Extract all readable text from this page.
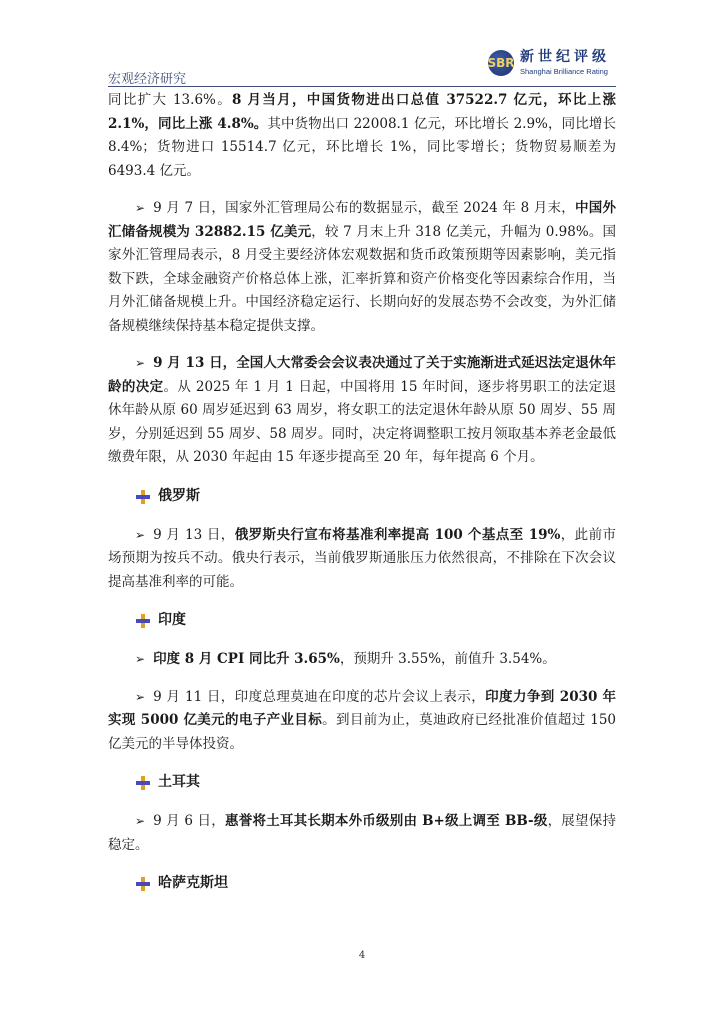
宏观经济研究
SBR 新世纪评级
Shanghai Brilliance Rating

同比扩大 13.6%。8 月当月，中国货物进出口总值 37522.7 亿元，环比上涨 2.1%，同比上涨 4.8%。其中货物出口 22008.1 亿元，环比增长 2.9%，同比增长 8.4%；货物进口 15514.7 亿元，环比增长 1%，同比零增长；货物贸易顺差为 6493.4 亿元。

➢ 9 月 7 日，国家外汇管理局公布的数据显示，截至 2024 年 8 月末，中国外汇储备规模为 32882.15 亿美元，较 7 月末上升 318 亿美元，升幅为 0.98%。国家外汇管理局表示，8 月受主要经济体宏观数据和货币政策预期等因素影响，美元指数下跌，全球金融资产价格总体上涨，汇率折算和资产价格变化等因素综合作用，当月外汇储备规模上升。中国经济稳定运行、长期向好的发展态势不会改变，为外汇储备规模继续保持基本稳定提供支撑。

➢ 9 月 13 日，全国人大常委会会议表决通过了关于实施渐进式延迟法定退休年龄的决定。从 2025 年 1 月 1 日起，中国将用 15 年时间，逐步将男职工的法定退休年龄从原 60 周岁延迟到 63 周岁，将女职工的法定退休年龄从原 50 周岁、55 周岁，分别延迟到 55 周岁、58 周岁。同时，决定将调整职工按月领取基本养老金最低缴费年限，从 2030 年起由 15 年逐步提高至 20 年，每年提高 6 个月。

俄罗斯

➢ 9 月 13 日，俄罗斯央行宣布将基准利率提高 100 个基点至 19%，此前市场预期为按兵不动。俄央行表示，当前俄罗斯通胀压力依然很高，不排除在下次会议提高基准利率的可能。

印度

➢ 印度 8 月 CPI 同比升 3.65%，预期升 3.55%，前值升 3.54%。

➢ 9 月 11 日，印度总理莫迪在印度的芯片会议上表示，印度力争到 2030 年实现 5000 亿美元的电子产业目标。到目前为止，莫迪政府已经批准价值超过 150 亿美元的半导体投资。

土耳其

➢ 9 月 6 日，惠誉将土耳其长期本外币级别由 B+级上调至 BB-级，展望保持稳定。

哈萨克斯坦
4
